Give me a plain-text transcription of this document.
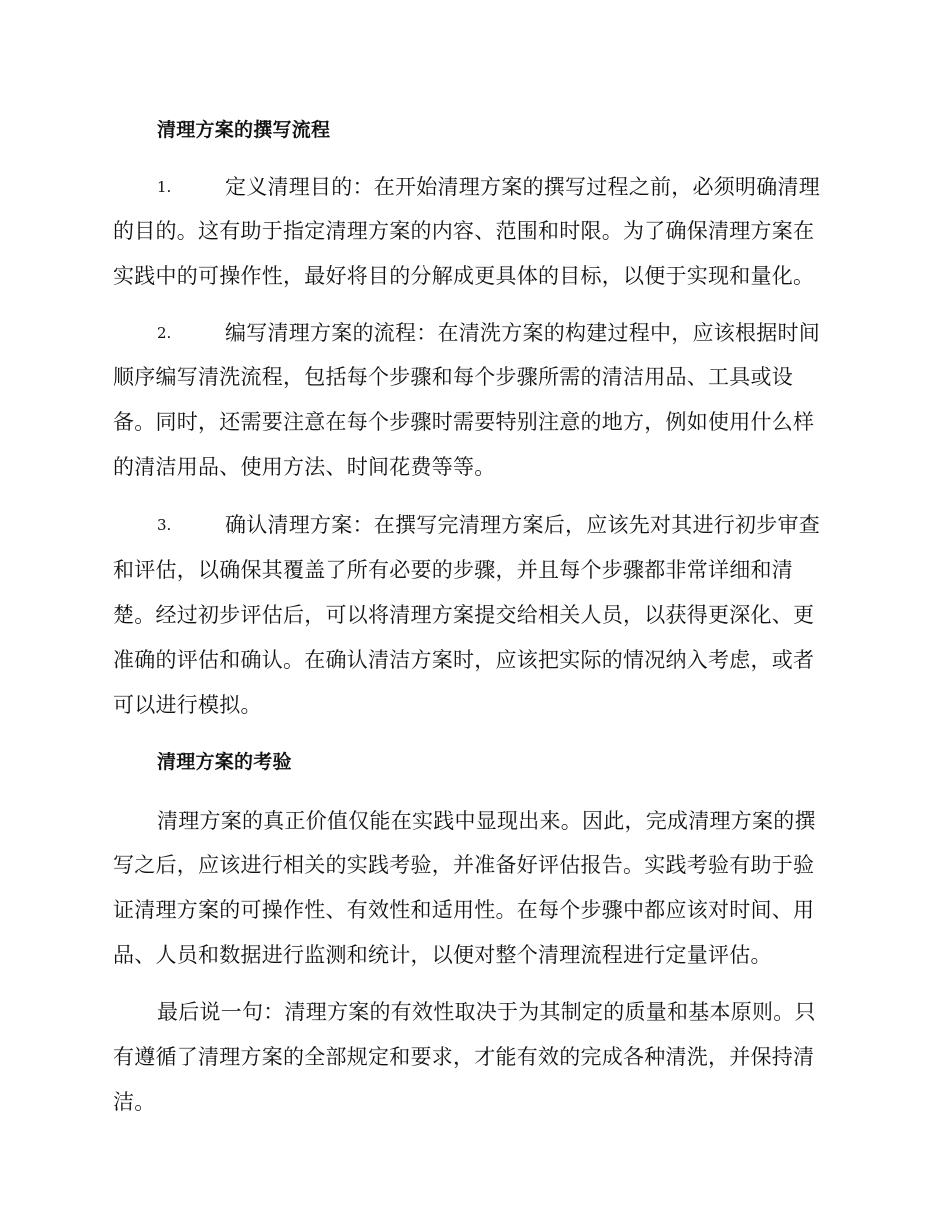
清理方案的撰写流程
1.	定义清理目的：在开始清理方案的撰写过程之前，必须明确清理
的目的。这有助于指定清理方案的内容、范围和时限。为了确保清理方案在
实践中的可操作性，最好将目的分解成更具体的目标，以便于实现和量化。
2.	编写清理方案的流程：在清洗方案的构建过程中，应该根据时间
顺序编写清洗流程，包括每个步骤和每个步骤所需的清洁用品、工具或设
备。同时，还需要注意在每个步骤时需要特别注意的地方，例如使用什么样
的清洁用品、使用方法、时间花费等等。
3.	确认清理方案：在撰写完清理方案后，应该先对其进行初步审查
和评估，以确保其覆盖了所有必要的步骤，并且每个步骤都非常详细和清
楚。经过初步评估后，可以将清理方案提交给相关人员，以获得更深化、更
准确的评估和确认。在确认清洁方案时，应该把实际的情况纳入考虑，或者
可以进行模拟。
清理方案的考验
清理方案的真正价值仅能在实践中显现出来。因此，完成清理方案的撰
写之后，应该进行相关的实践考验，并准备好评估报告。实践考验有助于验
证清理方案的可操作性、有效性和适用性。在每个步骤中都应该对时间、用
品、人员和数据进行监测和统计，以便对整个清理流程进行定量评估。
最后说一句：清理方案的有效性取决于为其制定的质量和基本原则。只
有遵循了清理方案的全部规定和要求，才能有效的完成各种清洗，并保持清
洁。
